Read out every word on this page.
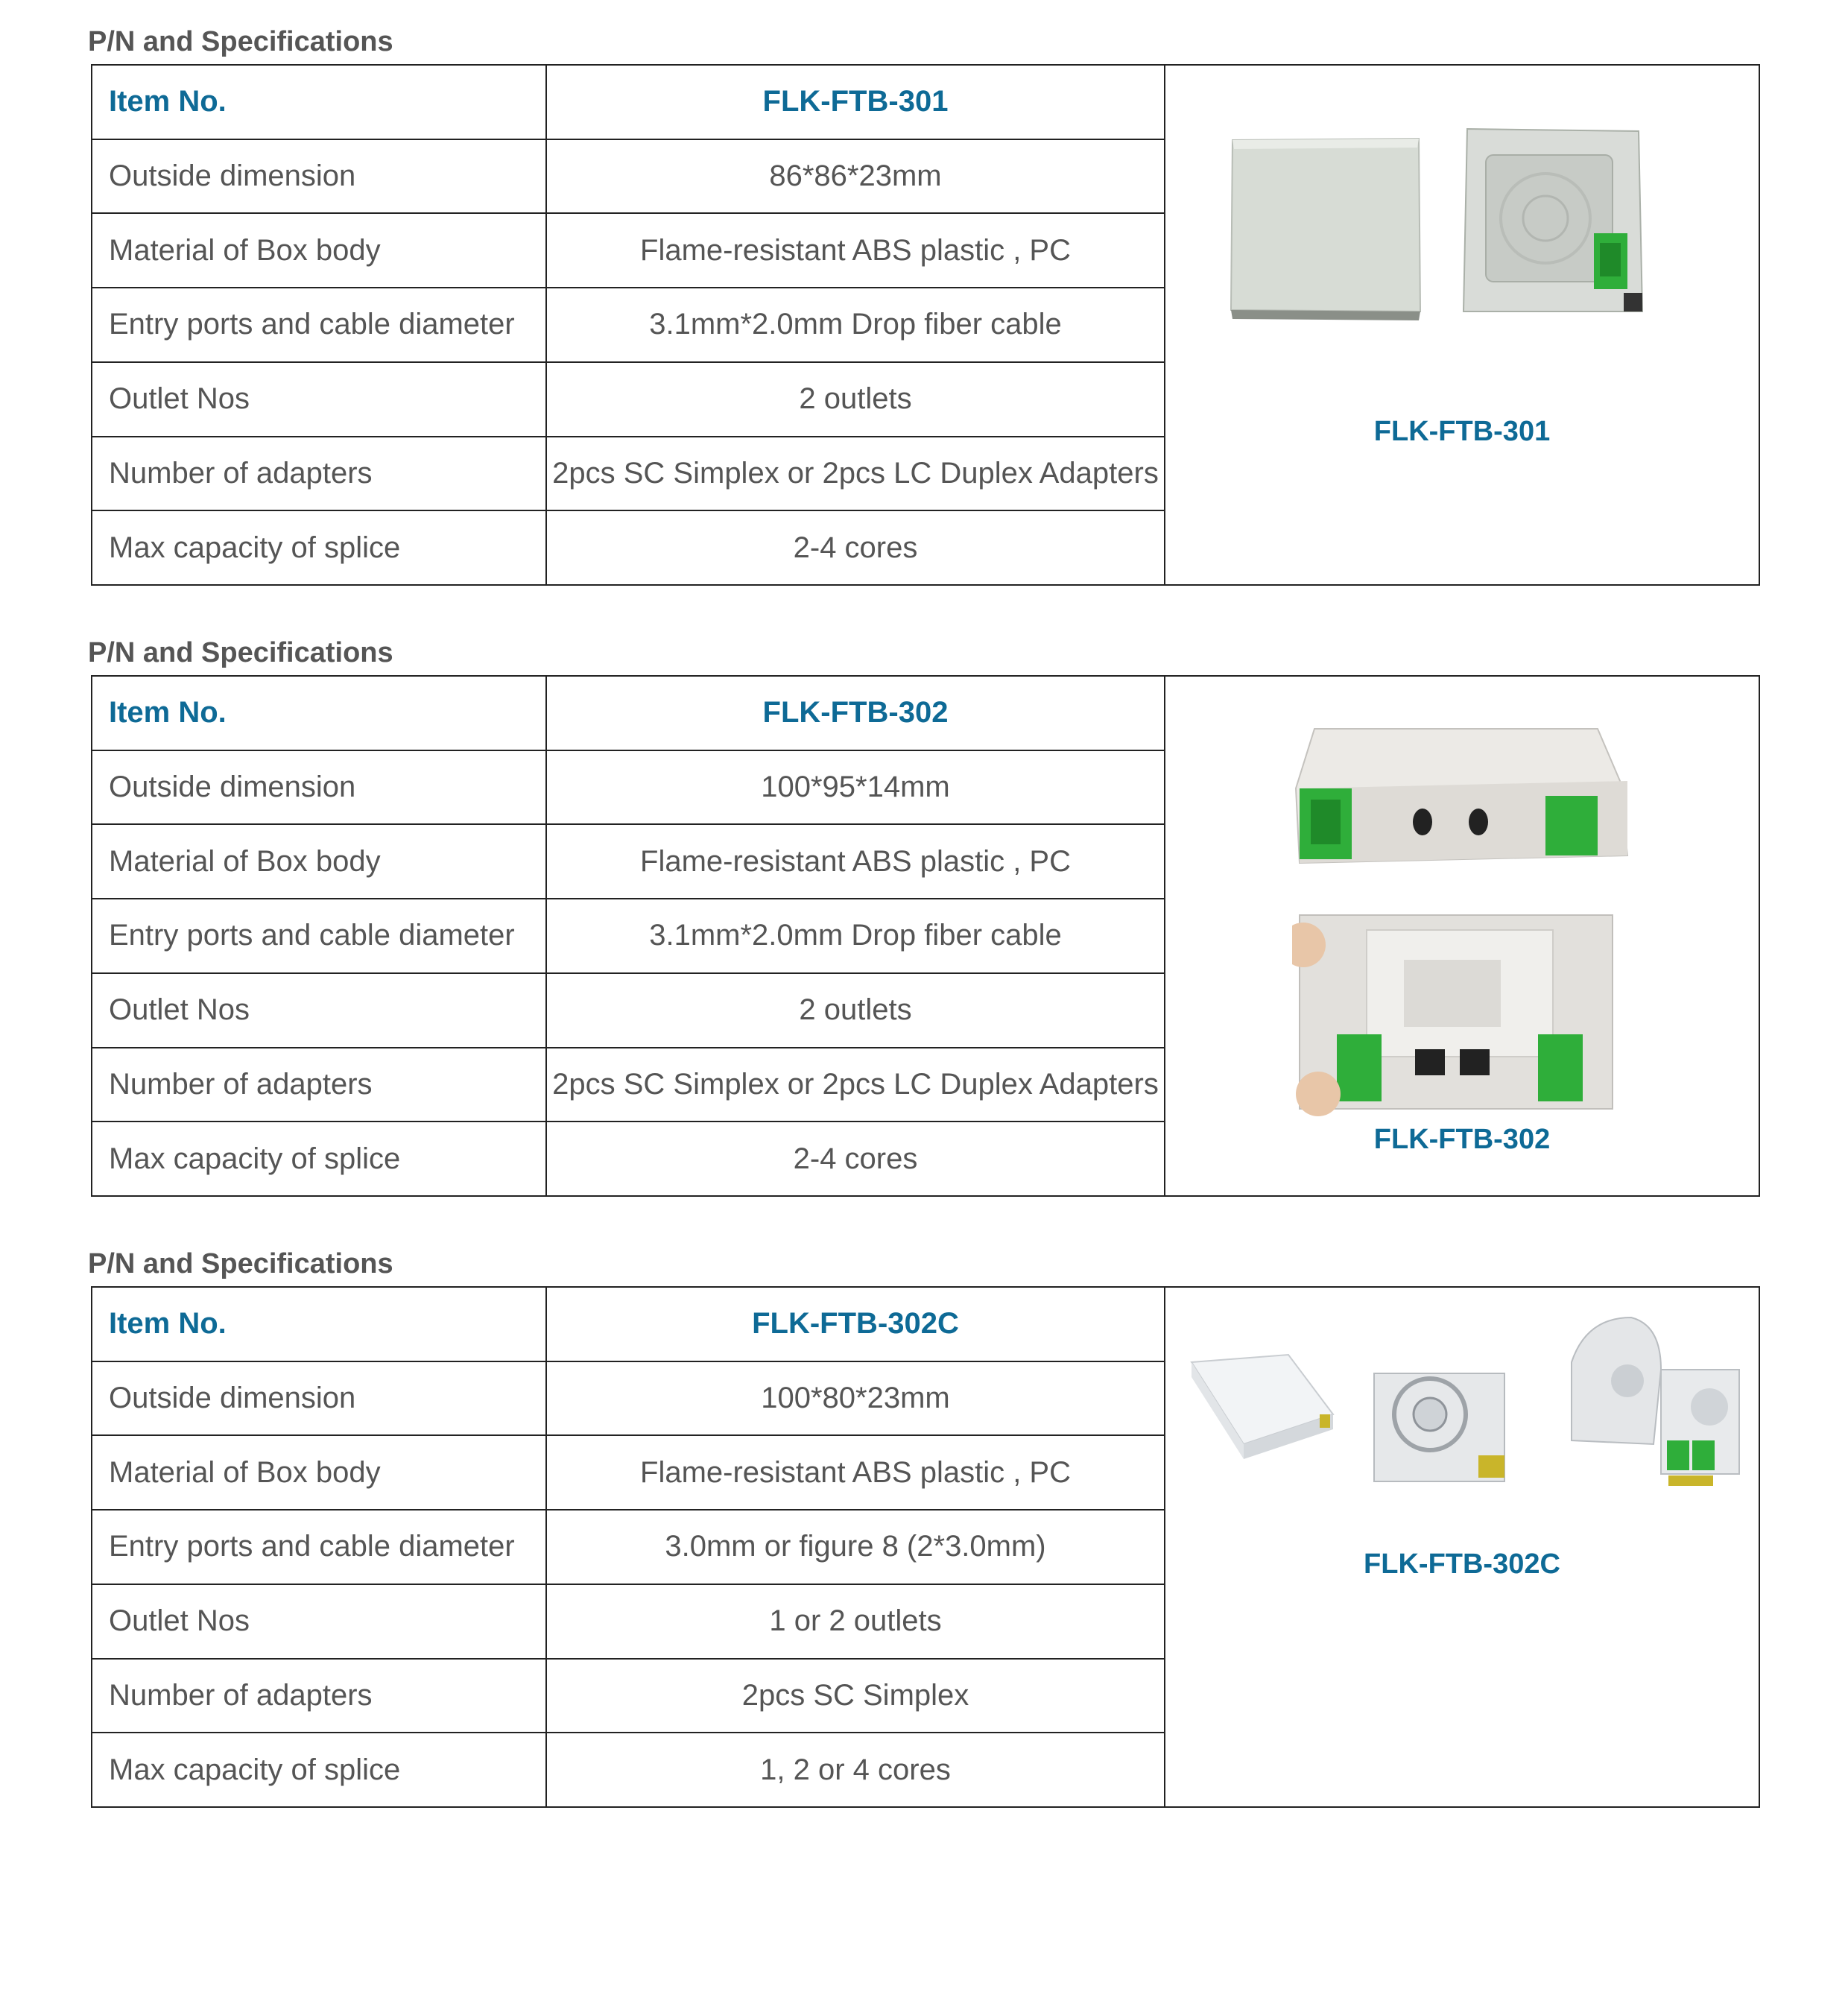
P/N and Specifications
Item No.	FLK-FTB-301	FLK-FTB-301

Outside dimension	86*86*23mm	
Material of Box body	Flame-resistant ABS plastic , PC	
Entry ports and cable diameter	3.1mm*2.0mm Drop fiber cable	
Outlet Nos	2 outlets	
Number of adapters	2pcs SC Simplex or 2pcs LC Duplex Adapters	
Max capacity of splice	2-4 cores	
P/N and Specifications
Item No.	FLK-FTB-302	FLK-FTB-302

Outside dimension	100*95*14mm	
Material of Box body	Flame-resistant ABS plastic , PC	
Entry ports and cable diameter	3.1mm*2.0mm Drop fiber cable	
Outlet Nos	2 outlets	
Number of adapters	2pcs SC Simplex or 2pcs LC Duplex Adapters	
Max capacity of splice	2-4 cores	
P/N and Specifications
Item No.	FLK-FTB-302C	FLK-FTB-302C

Outside dimension	100*80*23mm	
Material of Box body	Flame-resistant ABS plastic , PC	
Entry ports and cable diameter	3.0mm or figure 8 (2*3.0mm)	
Outlet Nos	1 or 2 outlets	
Number of adapters	2pcs SC Simplex	
Max capacity of splice	1, 2 or 4 cores	
